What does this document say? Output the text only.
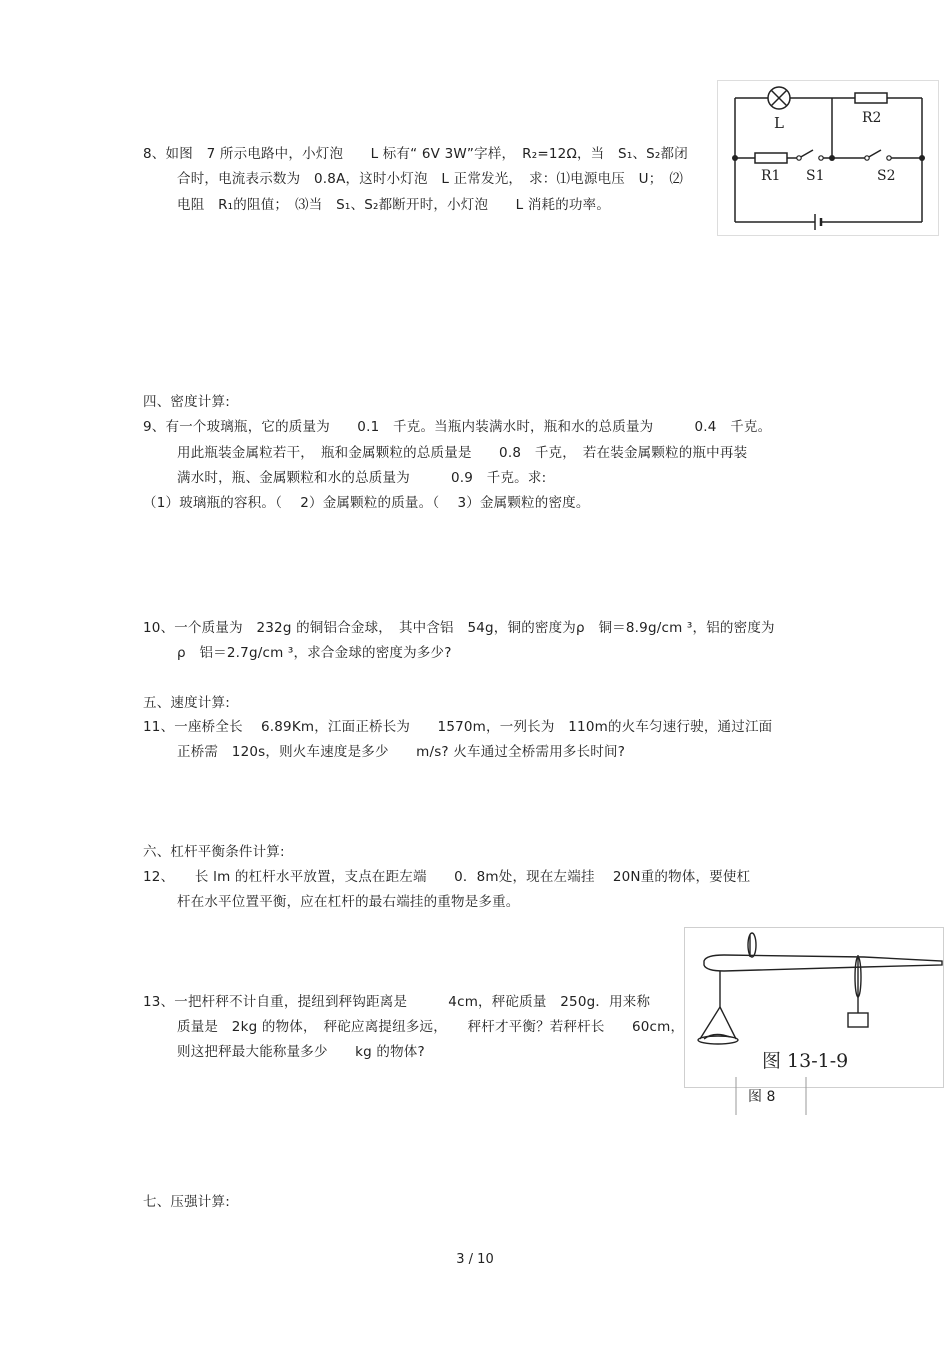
8、如图　7 所示电路中，小灯泡　　L 标有“ 6V 3W”字样，　R₂=12Ω，当　S₁、S₂都闭
合时，电流表示数为　0.8A，这时小灯泡　L 正常发光，　求：⑴电源电压　U；　⑵
电阻　R₁的阻值；　⑶当　S₁、S₂都断开时，小灯泡　　L 消耗的功率。
L	R2
R1 S1	S2
四、密度计算:
9、有一个玻璃瓶，它的质量为　　0.1　千克。当瓶内装满水时，瓶和水的总质量为　　　0.4　千克。
用此瓶装金属粒若干，　瓶和金属颗粒的总质量是　　0.8　千克，　若在装金属颗粒的瓶中再装
满水时，瓶、金属颗粒和水的总质量为　　　0.9　千克。求:
（1）玻璃瓶的容积。（　 2）金属颗粒的质量。（　 3）金属颗粒的密度。
10、一个质量为　232g 的铜铝合金球，　其中含铝　54g，铜的密度为ρ　铜＝8.9g/cm ³，铝的密度为
ρ　铝＝2.7g/cm ³，求合金球的密度为多少?
五、速度计算:
11、一座桥全长　 6.89Km，江面正桥长为　　1570m，一列长为　110m的火车匀速行驶，通过江面
正桥需　120s，则火车速度是多少　　m/s? 火车通过全桥需用多长时间?
六、杠杆平衡条件计算:
12、　　长 lm 的杠杆水平放置，支点在距左端　　0．8m处，现在左端挂　 20N重的物体，要使杠
杆在水平位置平衡，应在杠杆的最右端挂的重物是多重。
13、一把杆秤不计自重，提纽到秤钩距离是　　　4cm，秤砣质量　250g．用来称
质量是　2kg 的物体，　秤砣应离提纽多远，　　秤杆才平衡？若秤杆长　　60cm，
则这把秤最大能称量多少　　kg 的物体?	图 13-1-9
图 8
七、压强计算:
3 / 10
